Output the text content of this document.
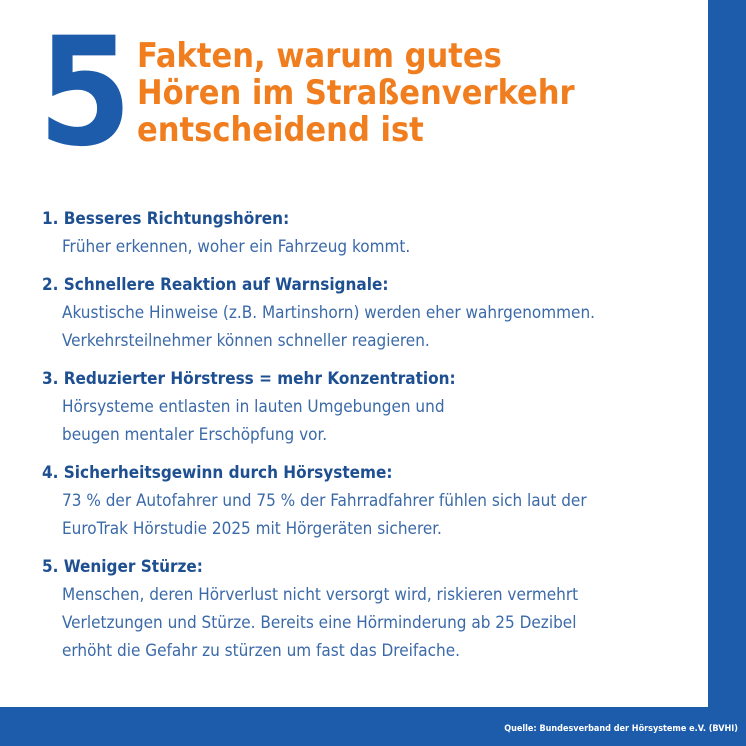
Quelle: Bundesverband der Hörsysteme e.V. (BVHI)
5 Fakten, warum gutes
Hören im Straßenverkehr
entscheidend ist
1. Besseres Richtungshören:
Früher erkennen, woher ein Fahrzeug kommt.
2. Schnellere Reaktion auf Warnsignale:
Akustische Hinweise (z.B. Martinshorn) werden eher wahrgenommen.
Verkehrsteilnehmer können schneller reagieren.
3. Reduzierter Hörstress = mehr Konzentration:
Hörsysteme entlasten in lauten Umgebungen und
beugen mentaler Erschöpfung vor.
4. Sicherheitsgewinn durch Hörsysteme:
73 % der Autofahrer und 75 % der Fahrradfahrer fühlen sich laut der
EuroTrak Hörstudie 2025 mit Hörgeräten sicherer.
5. Weniger Stürze:
Menschen, deren Hörverlust nicht versorgt wird, riskieren vermehrt
Verletzungen und Stürze. Bereits eine Hörminderung ab 25 Dezibel
erhöht die Gefahr zu stürzen um fast das Dreifache.
